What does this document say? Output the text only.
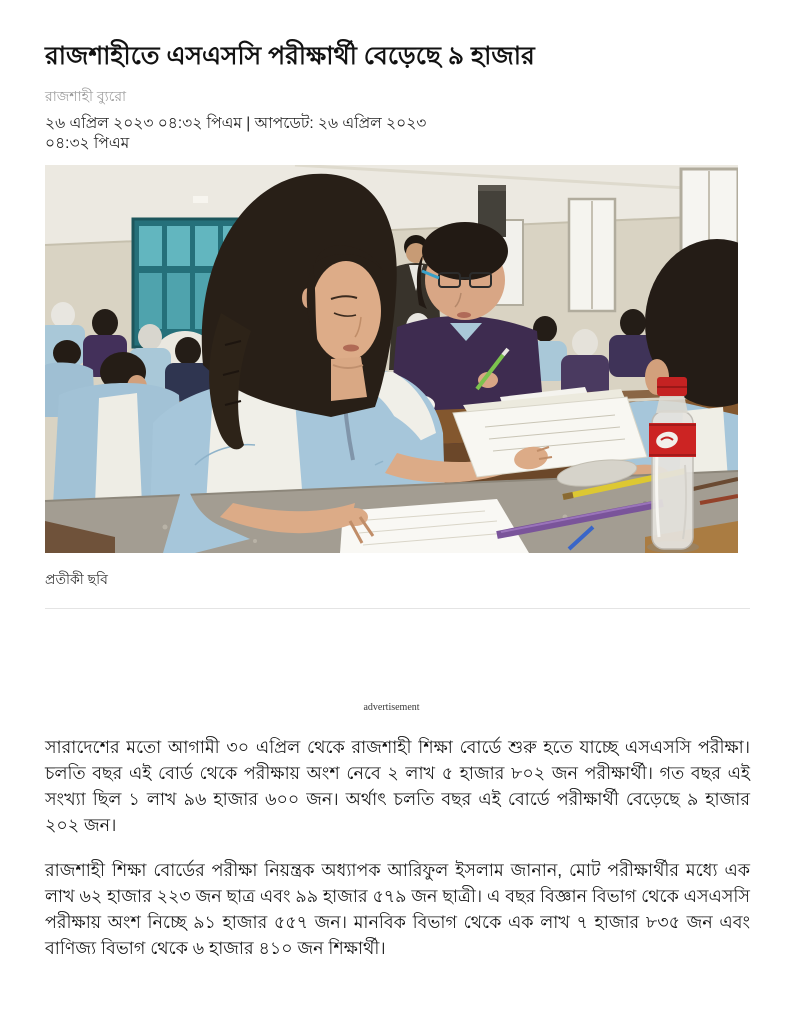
রাজশাহীতে এসএসসি পরীক্ষার্থী বেড়েছে ৯ হাজার
রাজশাহী ব্যুরো
২৬ এপ্রিল ২০২৩ ০৪:৩২ পিএম | আপডেট: ২৬ এপ্রিল ২০২৩ ০৪:৩২ পিএম
প্রতীকী ছবি
advertisement

সারাদেশের মতো আগামী ৩০ এপ্রিল থেকে রাজশাহী শিক্ষা বোর্ডে শুরু হতে যাচ্ছে এসএসসি পরীক্ষা। চলতি বছর এই বোর্ড থেকে পরীক্ষায় অংশ নেবে ২ লাখ ৫ হাজার ৮০২ জন পরীক্ষার্থী। গত বছর এই সংখ্যা ছিল ১ লাখ ৯৬ হাজার ৬০০ জন। অর্থাৎ চলতি বছর এই বোর্ডে পরীক্ষার্থী বেড়েছে ৯ হাজার ২০২ জন।

রাজশাহী শিক্ষা বোর্ডের পরীক্ষা নিয়ন্ত্রক অধ্যাপক আরিফুল ইসলাম জানান, মোট পরীক্ষার্থীর মধ্যে এক লাখ ৬২ হাজার ২২৩ জন ছাত্র এবং ৯৯ হাজার ৫৭৯ জন ছাত্রী। এ বছর বিজ্ঞান বিভাগ থেকে এসএসসি পরীক্ষায় অংশ নিচ্ছে ৯১ হাজার ৫৫৭ জন। মানবিক বিভাগ থেকে এক লাখ ৭ হাজার ৮৩৫ জন এবং বাণিজ্য বিভাগ থেকে ৬ হাজার ৪১০ জন শিক্ষার্থী।
